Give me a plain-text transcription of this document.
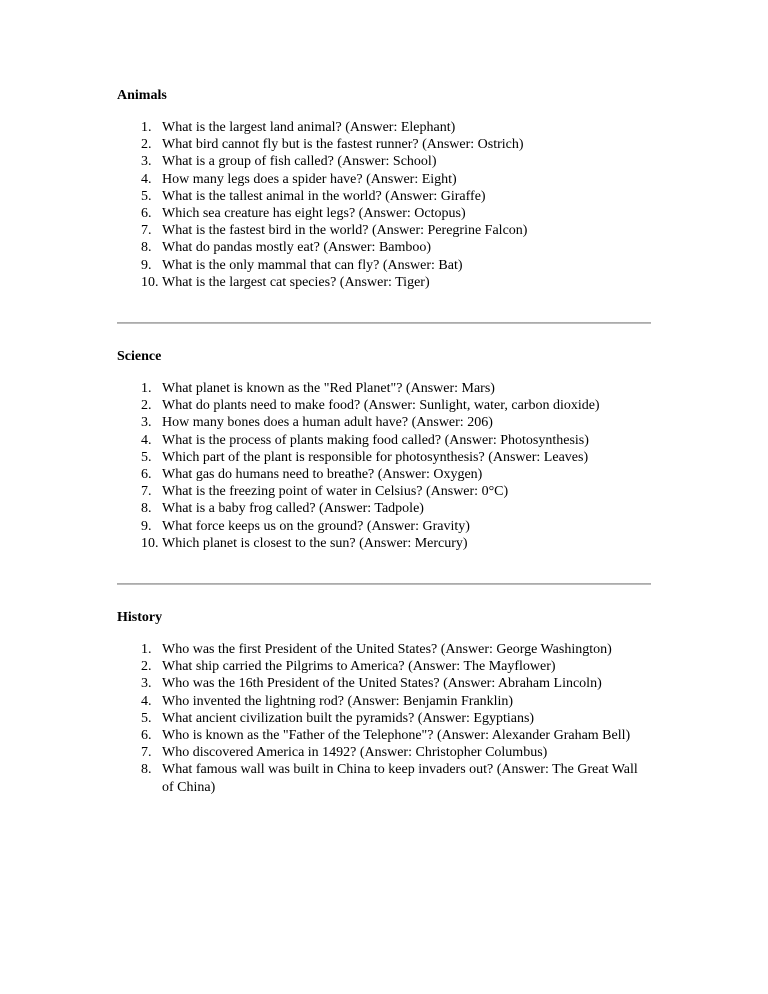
Animals
1. What is the largest land animal? (Answer: Elephant)
2. What bird cannot fly but is the fastest runner? (Answer: Ostrich)
3. What is a group of fish called? (Answer: School)
4. How many legs does a spider have? (Answer: Eight)
5. What is the tallest animal in the world? (Answer: Giraffe)
6. Which sea creature has eight legs? (Answer: Octopus)
7. What is the fastest bird in the world? (Answer: Peregrine Falcon)
8. What do pandas mostly eat? (Answer: Bamboo)
9. What is the only mammal that can fly? (Answer: Bat)
10. What is the largest cat species? (Answer: Tiger)
Science
1. What planet is known as the "Red Planet"? (Answer: Mars)
2. What do plants need to make food? (Answer: Sunlight, water, carbon dioxide)
3. How many bones does a human adult have? (Answer: 206)
4. What is the process of plants making food called? (Answer: Photosynthesis)
5. Which part of the plant is responsible for photosynthesis? (Answer: Leaves)
6. What gas do humans need to breathe? (Answer: Oxygen)
7. What is the freezing point of water in Celsius? (Answer: 0°C)
8. What is a baby frog called? (Answer: Tadpole)
9. What force keeps us on the ground? (Answer: Gravity)
10. Which planet is closest to the sun? (Answer: Mercury)
History
1. Who was the first President of the United States? (Answer: George Washington)
2. What ship carried the Pilgrims to America? (Answer: The Mayflower)
3. Who was the 16th President of the United States? (Answer: Abraham Lincoln)
4. Who invented the lightning rod? (Answer: Benjamin Franklin)
5. What ancient civilization built the pyramids? (Answer: Egyptians)
6. Who is known as the "Father of the Telephone"? (Answer: Alexander Graham Bell)
7. Who discovered America in 1492? (Answer: Christopher Columbus)
8. What famous wall was built in China to keep invaders out? (Answer: The Great Wall of China)
